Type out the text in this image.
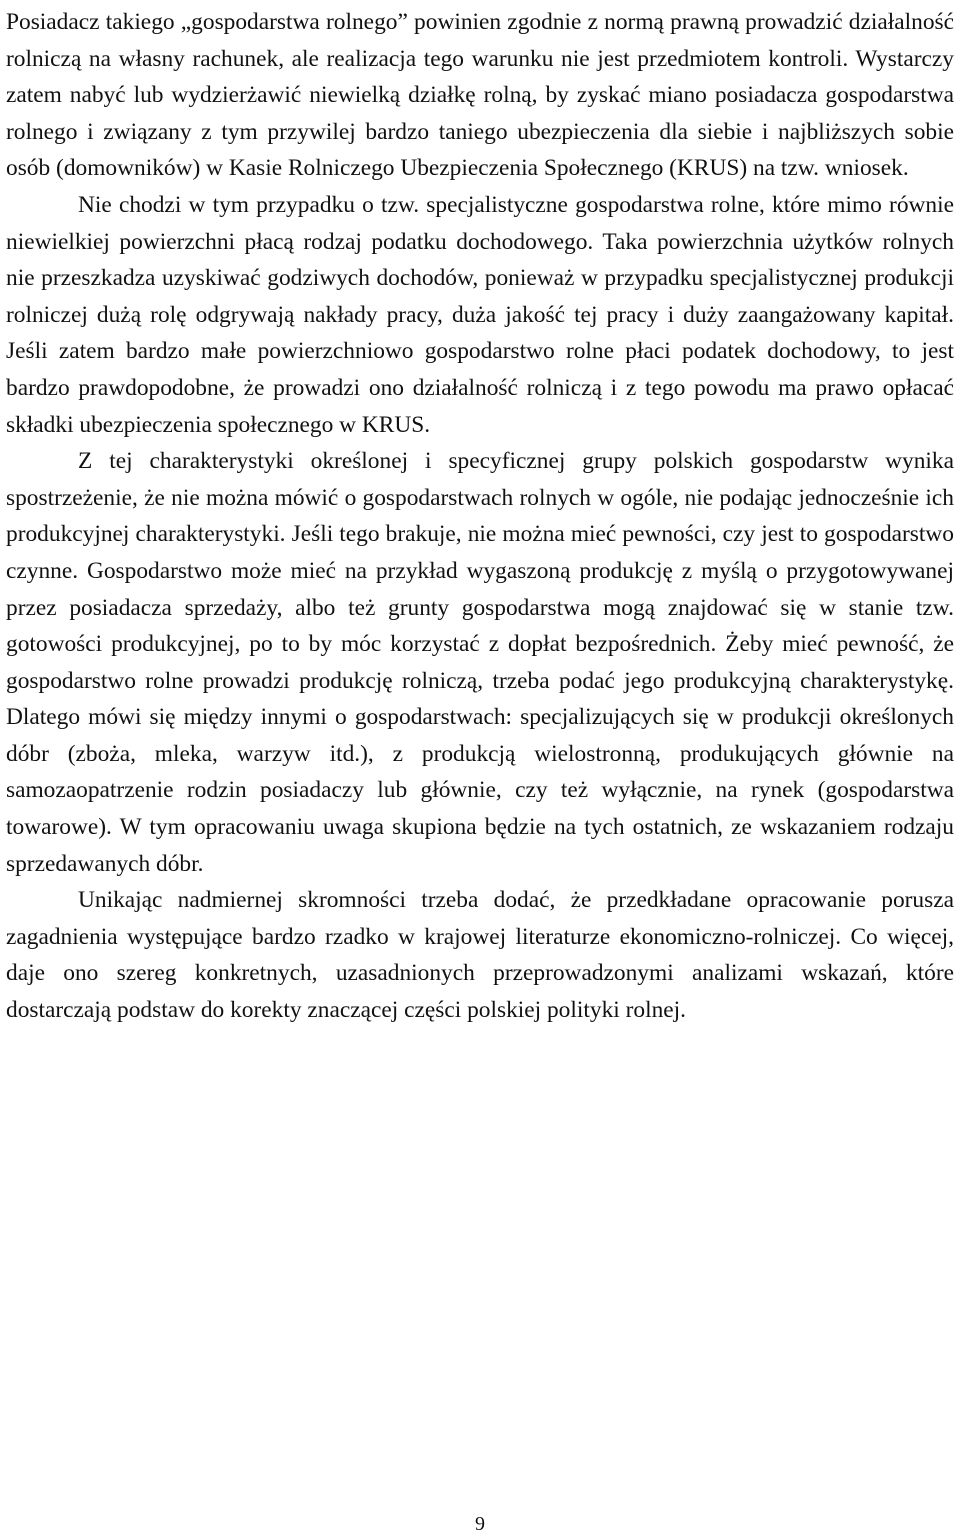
Posiadacz takiego „gospodarstwa rolnego” powinien zgodnie z normą prawną prowadzić działalność rolniczą na własny rachunek, ale realizacja tego warunku nie jest przedmiotem kontroli. Wystarczy zatem nabyć lub wydzierżawić niewielką działkę rolną, by zyskać miano posiadacza gospodarstwa rolnego i związany z tym przywilej bardzo taniego ubezpieczenia dla siebie i najbliższych sobie osób (domowników) w Kasie Rolniczego Ubezpieczenia Społecznego (KRUS) na tzw. wniosek.

Nie chodzi w tym przypadku o tzw. specjalistyczne gospodarstwa rolne, które mimo równie niewielkiej powierzchni płacą rodzaj podatku dochodowego. Taka powierzchnia użytków rolnych nie przeszkadza uzyskiwać godziwych dochodów, ponieważ w przypadku specjalistycznej produkcji rolniczej dużą rolę odgrywają nakłady pracy, duża jakość tej pracy i duży zaangażowany kapitał. Jeśli zatem bardzo małe powierzchniowo gospodarstwo rolne płaci podatek dochodowy, to jest bardzo prawdopodobne, że prowadzi ono działalność rolniczą i z tego powodu ma prawo opłacać składki ubezpieczenia społecznego w KRUS.

Z tej charakterystyki określonej i specyficznej grupy polskich gospodarstw wynika spostrzeżenie, że nie można mówić o gospodarstwach rolnych w ogóle, nie podając jednocześnie ich produkcyjnej charakterystyki. Jeśli tego brakuje, nie można mieć pewności, czy jest to gospodarstwo czynne. Gospodarstwo może mieć na przykład wygaszoną produkcję z myślą o przygotowywanej przez posiadacza sprzedaży, albo też grunty gospodarstwa mogą znajdować się w stanie tzw. gotowości produkcyjnej, po to by móc korzystać z dopłat bezpośrednich. Żeby mieć pewność, że gospodarstwo rolne prowadzi produkcję rolniczą, trzeba podać jego produkcyjną charakterystykę. Dlatego mówi się między innymi o gospodarstwach: specjalizujących się w produkcji określonych dóbr (zboża, mleka, warzyw itd.), z produkcją wielostronną, produkujących głównie na samozaopatrzenie rodzin posiadaczy lub głównie, czy też wyłącznie, na rynek (gospodarstwa towarowe). W tym opracowaniu uwaga skupiona będzie na tych ostatnich, ze wskazaniem rodzaju sprzedawanych dóbr.

Unikając nadmiernej skromności trzeba dodać, że przedkładane opracowanie porusza zagadnienia występujące bardzo rzadko w krajowej literaturze ekonomiczno-rolniczej. Co więcej, daje ono szereg konkretnych, uzasadnionych przeprowadzonymi analizami wskazań, które dostarczają podstaw do korekty znaczącej części polskiej polityki rolnej.

9
